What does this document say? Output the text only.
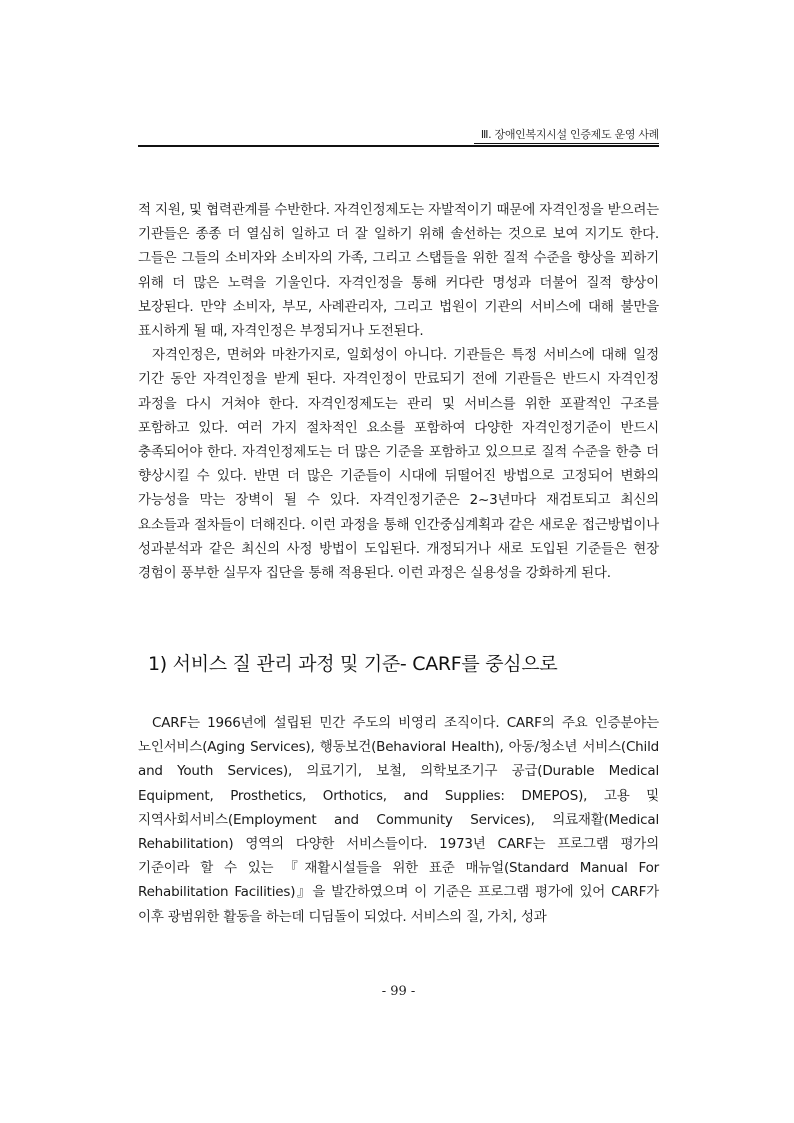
Ⅲ. 장애인복지시설 인증제도 운영 사례

적 지원, 및 협력관계를 수반한다. 자격인정제도는 자발적이기 때문에 자격인정을 받으려는 기관들은 종종 더 열심히 일하고 더 잘 일하기 위해 솔선하는 것으로 보여 지기도 한다. 그들은 그들의 소비자와 소비자의 가족, 그리고 스탭들을 위한 질적 수준을 향상을 꾀하기 위해 더 많은 노력을 기울인다. 자격인정을 통해 커다란 명성과 더불어 질적 향상이 보장된다. 만약 소비자, 부모, 사례관리자, 그리고 법원이 기관의 서비스에 대해 불만을 표시하게 될 때, 자격인정은 부정되거나 도전된다.

자격인정은, 면허와 마찬가지로, 일회성이 아니다. 기관들은 특정 서비스에 대해 일정 기간 동안 자격인정을 받게 된다. 자격인정이 만료되기 전에 기관들은 반드시 자격인정 과정을 다시 거쳐야 한다. 자격인정제도는 관리 및 서비스를 위한 포괄적인 구조를 포함하고 있다. 여러 가지 절차적인 요소를 포함하여 다양한 자격인정기준이 반드시 충족되어야 한다. 자격인정제도는 더 많은 기준을 포함하고 있으므로 질적 수준을 한층 더 향상시킬 수 있다. 반면 더 많은 기준들이 시대에 뒤떨어진 방법으로 고정되어 변화의 가능성을 막는 장벽이 될 수 있다. 자격인정기준은 2~3년마다 재검토되고 최신의 요소들과 절차들이 더해진다. 이런 과정을 통해 인간중심계획과 같은 새로운 접근방법이나 성과분석과 같은 최신의 사정 방법이 도입된다. 개정되거나 새로 도입된 기준들은 현장 경험이 풍부한 실무자 집단을 통해 적용된다. 이런 과정은 실용성을 강화하게 된다.

1) 서비스 질 관리 과정 및 기준- CARF를 중심으로

CARF는 1966년에 설립된 민간 주도의 비영리 조직이다. CARF의 주요 인증분야는 노인서비스(Aging Services), 행동보건(Behavioral Health), 아동/청소년 서비스(Child and Youth Services), 의료기기, 보철, 의학보조기구 공급(Durable Medical Equipment, Prosthetics, Orthotics, and Supplies: DMEPOS), 고용 및 지역사회서비스(Employment and Community Services), 의료재활(Medical Rehabilitation) 영역의 다양한 서비스들이다. 1973년 CARF는 프로그램 평가의 기준이라 할 수 있는 『재활시설들을 위한 표준 매뉴얼(Standard Manual For Rehabilitation Facilities)』을 발간하였으며 이 기준은 프로그램 평가에 있어 CARF가 이후 광범위한 활동을 하는데 디딤돌이 되었다. 서비스의 질, 가치, 성과

- 99 -
